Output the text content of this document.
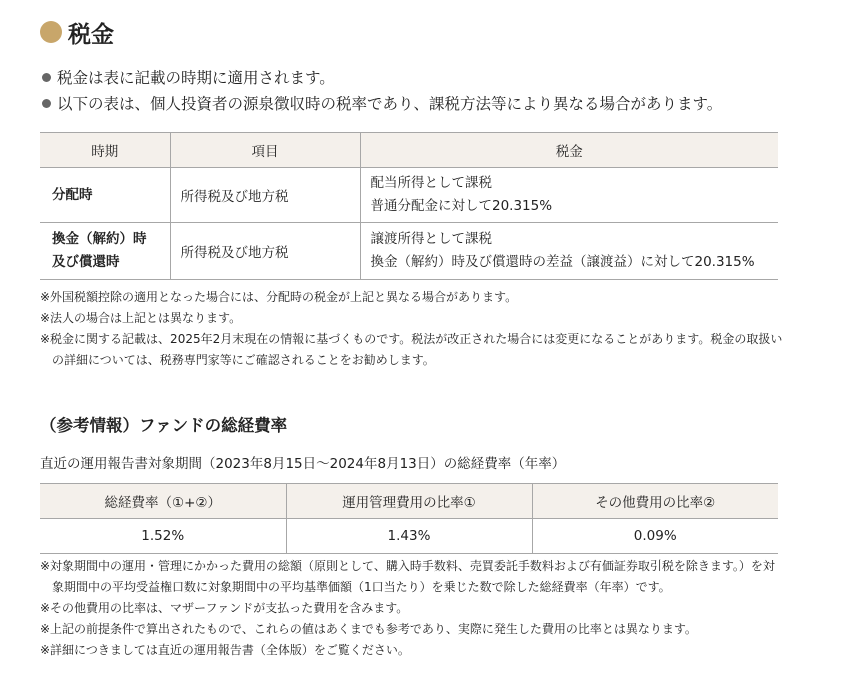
税金
税金は表に記載の時期に適用されます。
以下の表は、個人投資者の源泉徴収時の税率であり、課税方法等により異なる場合があります。
時期	項目	税金

分配時	所得税及び地方税	配当所得として課税
普通分配金に対して20.315%

換金（解約）時
及び償還時	所得税及び地方税	譲渡所得として課税
換金（解約）時及び償還時の差益（譲渡益）に対して20.315%
※外国税額控除の適用となった場合には、分配時の税金が上記と異なる場合があります。
※法人の場合は上記とは異なります。
※税金に関する記載は、2025年2月末現在の情報に基づくものです。税法が改正された場合には変更になることがあります。税金の取扱いの詳細については、税務専門家等にご確認されることをお勧めします。
（参考情報）ファンドの総経費率
直近の運用報告書対象期間（2023年8月15日～2024年8月13日）の総経費率（年率）
総経費率（①+②）	運用管理費用の比率①	その他費用の比率②
1.52%	1.43%	0.09%
※対象期間中の運用・管理にかかった費用の総額（原則として、購入時手数料、売買委託手数料および有価証券取引税を除きます。）を対象期間中の平均受益権口数に対象期間中の平均基準価額（1口当たり）を乗じた数で除した総経費率（年率）です。
※その他費用の比率は、マザーファンドが支払った費用を含みます。
※上記の前提条件で算出されたもので、これらの値はあくまでも参考であり、実際に発生した費用の比率とは異なります。
※詳細につきましては直近の運用報告書（全体版）をご覧ください。
